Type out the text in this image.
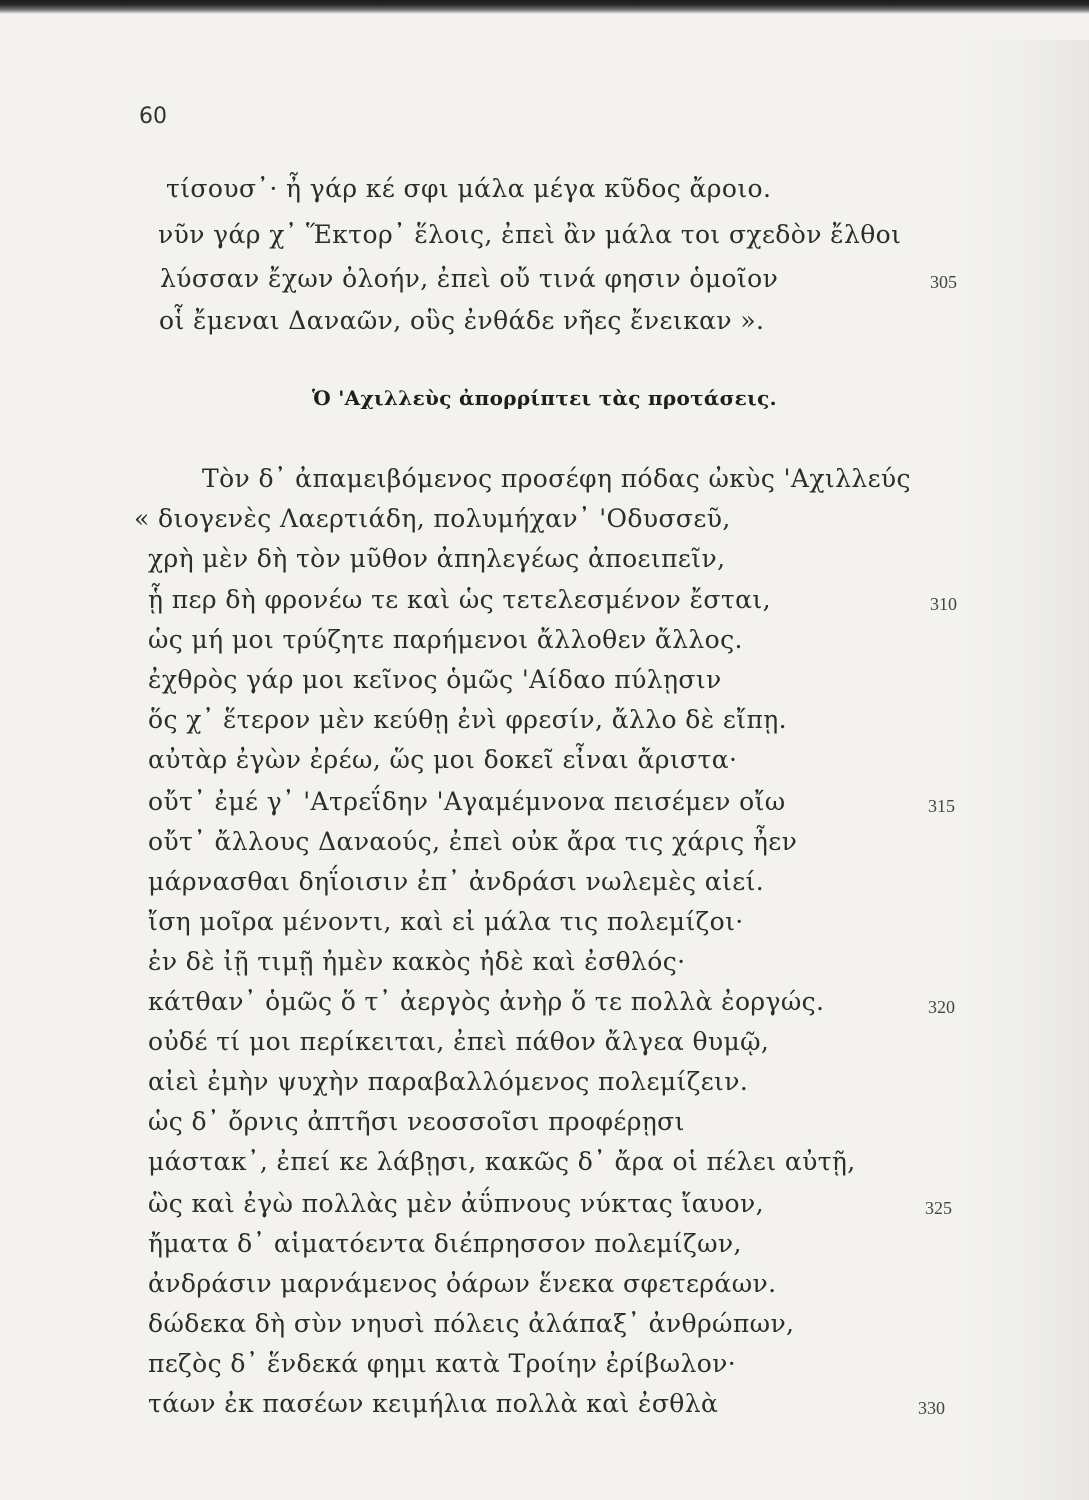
60
τίσουσ᾽· ἦ γάρ κέ σφι μάλα μέγα κῦδος ἄροιο.
νῦν γάρ χ᾽ Ἕκτορ᾽ ἕλοις, ἐπεὶ ἂν μάλα τοι σχεδὸν ἔλθοι
λύσσαν ἔχων ὀλοήν, ἐπεὶ οὔ τινά φησιν ὁμοῖον	305
οἷ ἔμεναι Δαναῶν, οὓς ἐνθάδε νῆες ἔνεικαν ».
Ὁ 'Αχιλλεὺς ἀπορρίπτει τὰς προτάσεις.
Τὸν δ᾽ ἀπαμειβόμενος προσέφη πόδας ὠκὺς 'Αχιλλεύς
« διογενὲς Λαερτιάδη, πολυμήχαν᾽ 'Οδυσσεῦ,
χρὴ μὲν δὴ τὸν μῦθον ἀπηλεγέως ἀποειπεῖν,
ᾗ περ δὴ φρονέω τε καὶ ὡς τετελεσμένον ἔσται,	310
ὡς μή μοι τρύζητε παρήμενοι ἄλλοθεν ἄλλος.
ἐχθρὸς γάρ μοι κεῖνος ὁμῶς 'Αίδαο πύλῃσιν
ὅς χ᾽ ἕτερον μὲν κεύθῃ ἐνὶ φρεσίν, ἄλλο δὲ εἴπῃ.
αὐτὰρ ἐγὼν ἐρέω, ὥς μοι δοκεῖ εἶναι ἄριστα·
οὔτ᾽ ἐμέ γ᾽ 'Ατρεΐδην 'Αγαμέμνονα πεισέμεν οἴω	315
οὔτ᾽ ἄλλους Δαναούς, ἐπεὶ οὐκ ἄρα τις χάρις ἦεν
μάρνασθαι δηΐοισιν ἐπ᾽ ἀνδράσι νωλεμὲς αἰεί.
ἴση μοῖρα μένοντι, καὶ εἰ μάλα τις πολεμίζοι·
ἐν δὲ ἰῇ τιμῇ ἠμὲν κακὸς ἠδὲ καὶ ἐσθλός·
κάτθαν᾽ ὁμῶς ὅ τ᾽ ἀεργὸς ἀνὴρ ὅ τε πολλὰ ἐοργώς.	320
οὐδέ τί μοι περίκειται, ἐπεὶ πάθον ἄλγεα θυμῷ,
αἰεὶ ἐμὴν ψυχὴν παραβαλλόμενος πολεμίζειν.
ὡς δ᾽ ὄρνις ἀπτῆσι νεοσσοῖσι προφέρῃσι
μάστακ᾽, ἐπεί κε λάβῃσι, κακῶς δ᾽ ἄρα οἱ πέλει αὐτῇ,
ὣς καὶ ἐγὼ πολλὰς μὲν ἀΰπνους νύκτας ἴαυον,	325
ἤματα δ᾽ αἱματόεντα διέπρησσον πολεμίζων,
ἀνδράσιν μαρνάμενος ὀάρων ἕνεκα σφετεράων.
δώδεκα δὴ σὺν νηυσὶ πόλεις ἀλάπαξ᾽ ἀνθρώπων,
πεζὸς δ᾽ ἕνδεκά φημι κατὰ Τροίην ἐρίβωλον·
τάων ἐκ πασέων κειμήλια πολλὰ καὶ ἐσθλὰ	330
